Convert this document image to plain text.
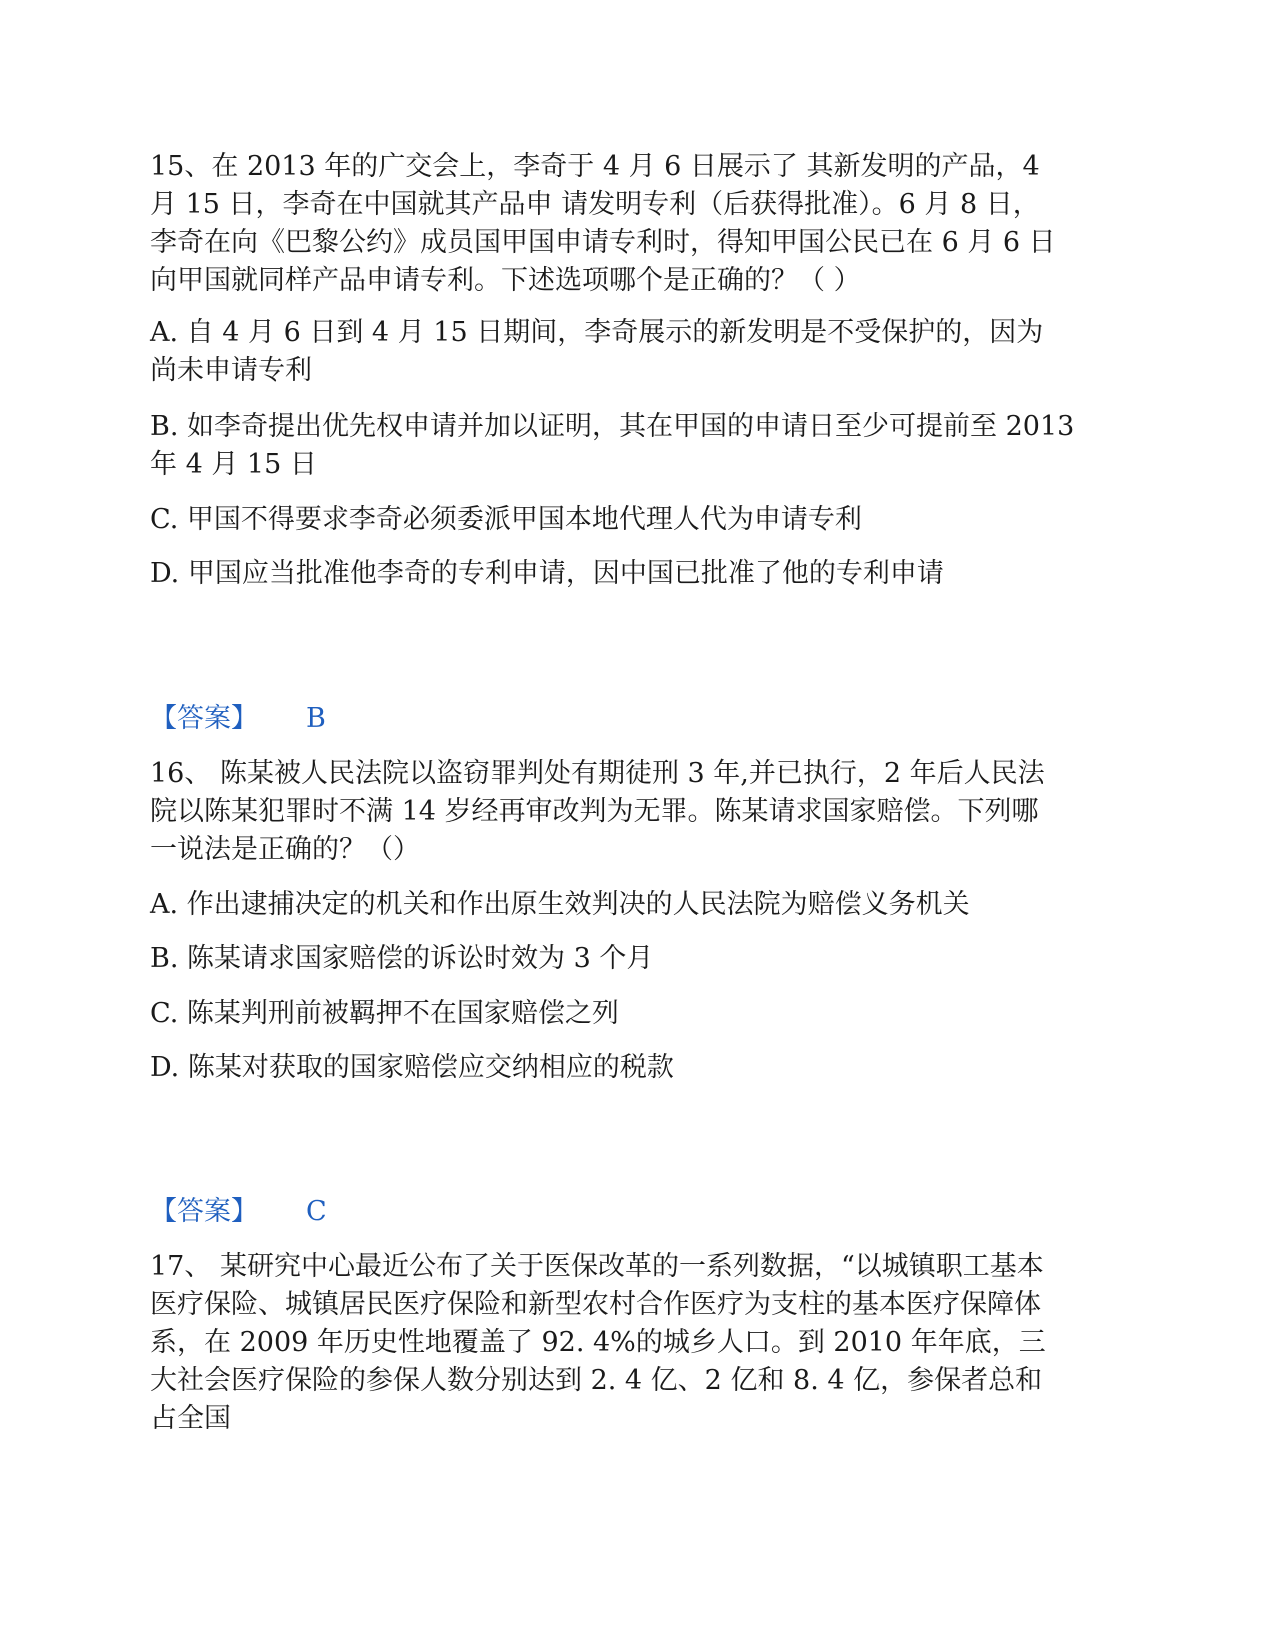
15、在 2013 年的广交会上，李奇于 4 月 6 日展示了 其新发明的产品，4 月 15 日，李奇在中国就其产品申 请发明专利（后获得批准）。6 月 8 日，李奇在向《巴黎公约》成员国甲国申请专利时，得知甲国公民已在 6 月 6 日向甲国就同样产品申请专利。下述选项哪个是正确的？（ ）

A. 自 4 月 6 日到 4 月 15 日期间，李奇展示的新发明是不受保护的，因为尚未申请专利

B. 如李奇提出优先权申请并加以证明，其在甲国的申请日至少可提前至 2013 年 4 月 15 日

C. 甲国不得要求李奇必须委派甲国本地代理人代为申请专利

D. 甲国应当批准他李奇的专利申请，因中国已批准了他的专利申请

【答案】 B

16、 陈某被人民法院以盗窃罪判处有期徒刑 3 年,并已执行，2 年后人民法院以陈某犯罪时不满 14 岁经再审改判为无罪。陈某请求国家赔偿。下列哪一说法是正确的？（）

A. 作出逮捕决定的机关和作出原生效判决的人民法院为赔偿义务机关

B. 陈某请求国家赔偿的诉讼时效为 3 个月

C. 陈某判刑前被羁押不在国家赔偿之列

D. 陈某对获取的国家赔偿应交纳相应的税款

【答案】 C

17、 某研究中心最近公布了关于医保改革的一系列数据，“以城镇职工基本医疗保险、城镇居民医疗保险和新型农村合作医疗为支柱的基本医疗保障体系，在 2009 年历史性地覆盖了 92. 4%的城乡人口。到 2010 年年底，三大社会医疗保险的参保人数分别达到 2. 4 亿、2 亿和 8. 4 亿，参保者总和占全国
